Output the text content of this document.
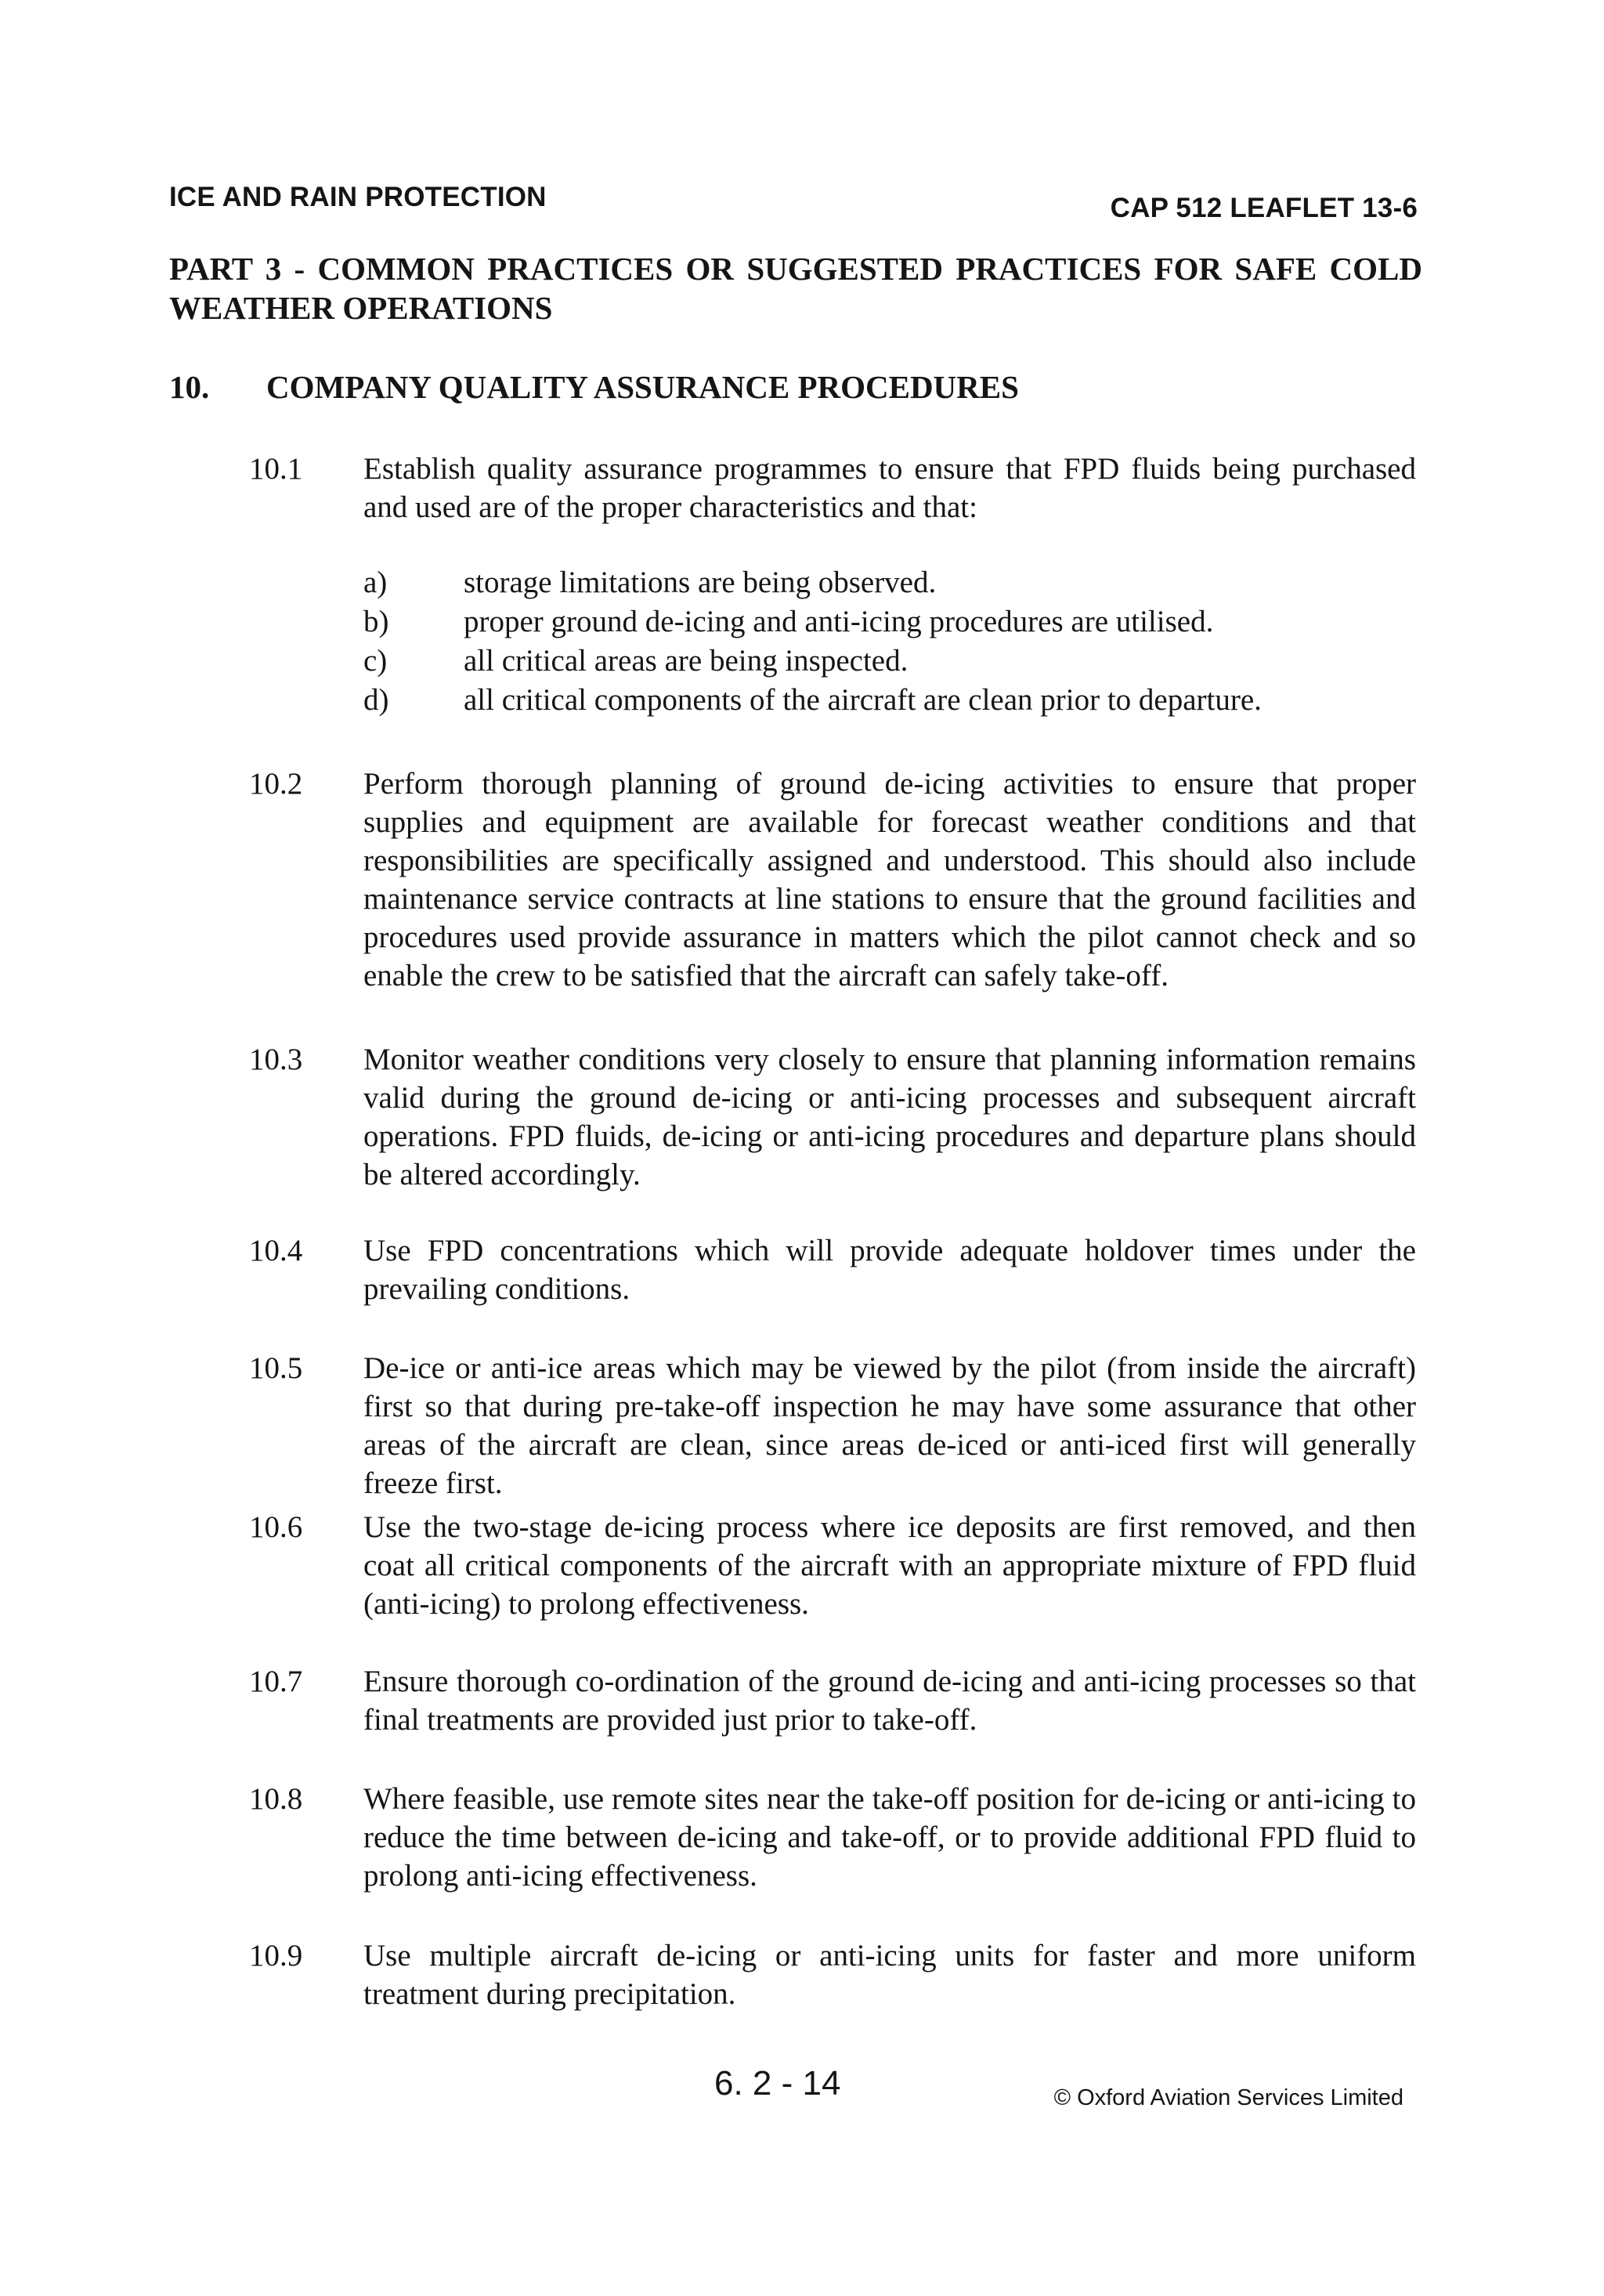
ICE AND RAIN PROTECTION	CAP 512 LEAFLET 13-6
PART 3 - COMMON PRACTICES OR SUGGESTED PRACTICES FOR SAFE COLD WEATHER OPERATIONS
10. COMPANY QUALITY ASSURANCE PROCEDURES
10.1 Establish quality assurance programmes to ensure that FPD fluids being purchased and used are of the proper characteristics and that:
a)	storage limitations are being observed.
b) proper ground de-icing and anti-icing procedures are utilised.
c)	all critical areas are being inspected.
d) all critical components of the aircraft are clean prior to departure.
10.2 Perform thorough planning of ground de-icing activities to ensure that proper supplies and equipment are available for forecast weather conditions and that responsibilities are specifically assigned and understood. This should also include maintenance service contracts at line stations to ensure that the ground facilities and procedures used provide assurance in matters which the pilot cannot check and so enable the crew to be satisfied that the aircraft can safely take-off.
10.3 Monitor weather conditions very closely to ensure that planning information remains valid during the ground de-icing or anti-icing processes and subsequent aircraft operations. FPD fluids, de-icing or anti-icing procedures and departure plans should be altered accordingly.
10.4 Use FPD concentrations which will provide adequate holdover times under the prevailing conditions.
10.5 De-ice or anti-ice areas which may be viewed by the pilot (from inside the aircraft) first so that during pre-take-off inspection he may have some assurance that other areas of the aircraft are clean, since areas de-iced or anti-iced first will generally freeze first.
10.6 Use the two-stage de-icing process where ice deposits are first removed, and then coat all critical components of the aircraft with an appropriate mixture of FPD fluid (anti-icing) to prolong effectiveness.
10.7 Ensure thorough co-ordination of the ground de-icing and anti-icing processes so that final treatments are provided just prior to take-off.
10.8 Where feasible, use remote sites near the take-off position for de-icing or anti-icing to reduce the time between de-icing and take-off, or to provide additional FPD fluid to prolong anti-icing effectiveness.
10.9 Use multiple aircraft de-icing or anti-icing units for faster and more uniform treatment during precipitation.
6. 2 - 14	© Oxford Aviation Services Limited
